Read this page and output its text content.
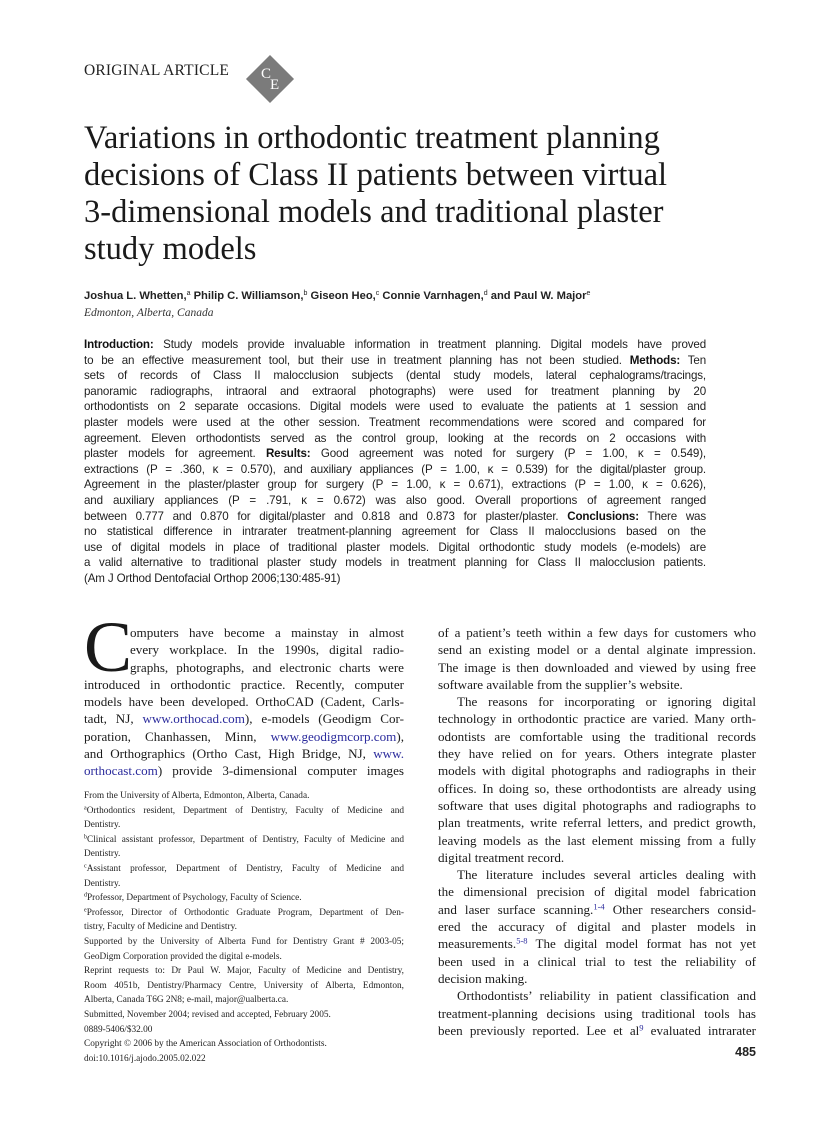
ORIGINAL ARTICLE C
E
Variations in orthodontic treatment planning
decisions of Class II patients between virtual
3-dimensional models and traditional plaster
study models
Joshua L. Whetten,$^a$ Philip C. Williamson,$^b$ Giseon Heo,$^c$ Connie Varnhagen,$^d$ and Paul W. Major$^e$
Edmonton, Alberta, Canada
Introduction: Study models provide invaluable information in treatment planning. Digital models have proved
to be an effective measurement tool, but their use in treatment planning has not been studied. Methods: Ten
sets of records of Class II malocclusion subjects (dental study models, lateral cephalograms/tracings,
panoramic radiographs, intraoral and extraoral photographs) were used for treatment planning by 20
orthodontists on 2 separate occasions. Digital models were used to evaluate the patients at 1 session and
plaster models were used at the other session. Treatment recommendations were scored and compared for
agreement. Eleven orthodontists served as the control group, looking at the records on 2 occasions with
plaster models for agreement. Results: Good agreement was noted for surgery (P = 1.00, κ = 0.549),
extractions (P = .360, κ = 0.570), and auxiliary appliances (P = 1.00, κ = 0.539) for the digital/plaster group.
Agreement in the plaster/plaster group for surgery (P = 1.00, κ = 0.671), extractions (P = 1.00, κ = 0.626),
and auxiliary appliances (P = .791, κ = 0.672) was also good. Overall proportions of agreement ranged
between 0.777 and 0.870 for digital/plaster and 0.818 and 0.873 for plaster/plaster. Conclusions: There was
no statistical difference in intrarater treatment-planning agreement for Class II malocclusions based on the
use of digital models in place of traditional plaster models. Digital orthodontic study models (e-models) are
a valid alternative to traditional plaster study models in treatment planning for Class II malocclusion patients.
(Am J Orthod Dentofacial Orthop 2006;130:485-91)
C
omputers have become a mainstay in almost
every workplace. In the 1990s, digital radio-
graphs, photographs, and electronic charts were
introduced in orthodontic practice. Recently, computer
models have been developed. OrthoCAD (Cadent, Carls-
tadt, NJ, www.orthocad.com), e-models (Geodigm Cor-
poration, Chanhassen, Minn, www.geodigmcorp.com),
and Orthographics (Ortho Cast, High Bridge, NJ, www.
orthocast.com) provide 3-dimensional computer images
From the University of Alberta, Edmonton, Alberta, Canada.
$^a$Orthodontics resident, Department of Dentistry, Faculty of Medicine and
Dentistry.
$^b$Clinical assistant professor, Department of Dentistry, Faculty of Medicine and
Dentistry.
$^c$Assistant professor, Department of Dentistry, Faculty of Medicine and
Dentistry.
$^d$Professor, Department of Psychology, Faculty of Science.
$^e$Professor, Director of Orthodontic Graduate Program, Department of Den-
tistry, Faculty of Medicine and Dentistry.
Supported by the University of Alberta Fund for Dentistry Grant # 2003-05;
GeoDigm Corporation provided the digital e-models.
Reprint requests to: Dr Paul W. Major, Faculty of Medicine and Dentistry,
Room 4051b, Dentistry/Pharmacy Centre, University of Alberta, Edmonton,
Alberta, Canada T6G 2N8; e-mail, major@ualberta.ca.
Submitted, November 2004; revised and accepted, February 2005.
0889-5406/$32.00
Copyright © 2006 by the American Association of Orthodontists.
doi:10.1016/j.ajodo.2005.02.022
of a patient’s teeth within a few days for customers who
send an existing model or a dental alginate impression.
The image is then downloaded and viewed by using free
software available from the supplier’s website.
The reasons for incorporating or ignoring digital
technology in orthodontic practice are varied. Many orth-
odontists are comfortable using the traditional records
they have relied on for years. Others integrate plaster
models with digital photographs and radiographs in their
offices. In doing so, these orthodontists are already using
software that uses digital photographs and radiographs to
plan treatments, write referral letters, and predict growth,
leaving models as the last element missing from a fully
digital treatment record.
The literature includes several articles dealing with
the dimensional precision of digital model fabrication
and laser surface scanning.$^{1-4}$ Other researchers consid-
ered the accuracy of digital and plaster models in
measurements.$^{5-8}$ The digital model format has not yet
been used in a clinical trial to test the reliability of
decision making.
Orthodontists’ reliability in patient classification and
treatment-planning decisions using traditional tools has
been previously reported. Lee et $al^9$ evaluated intrarater
485
